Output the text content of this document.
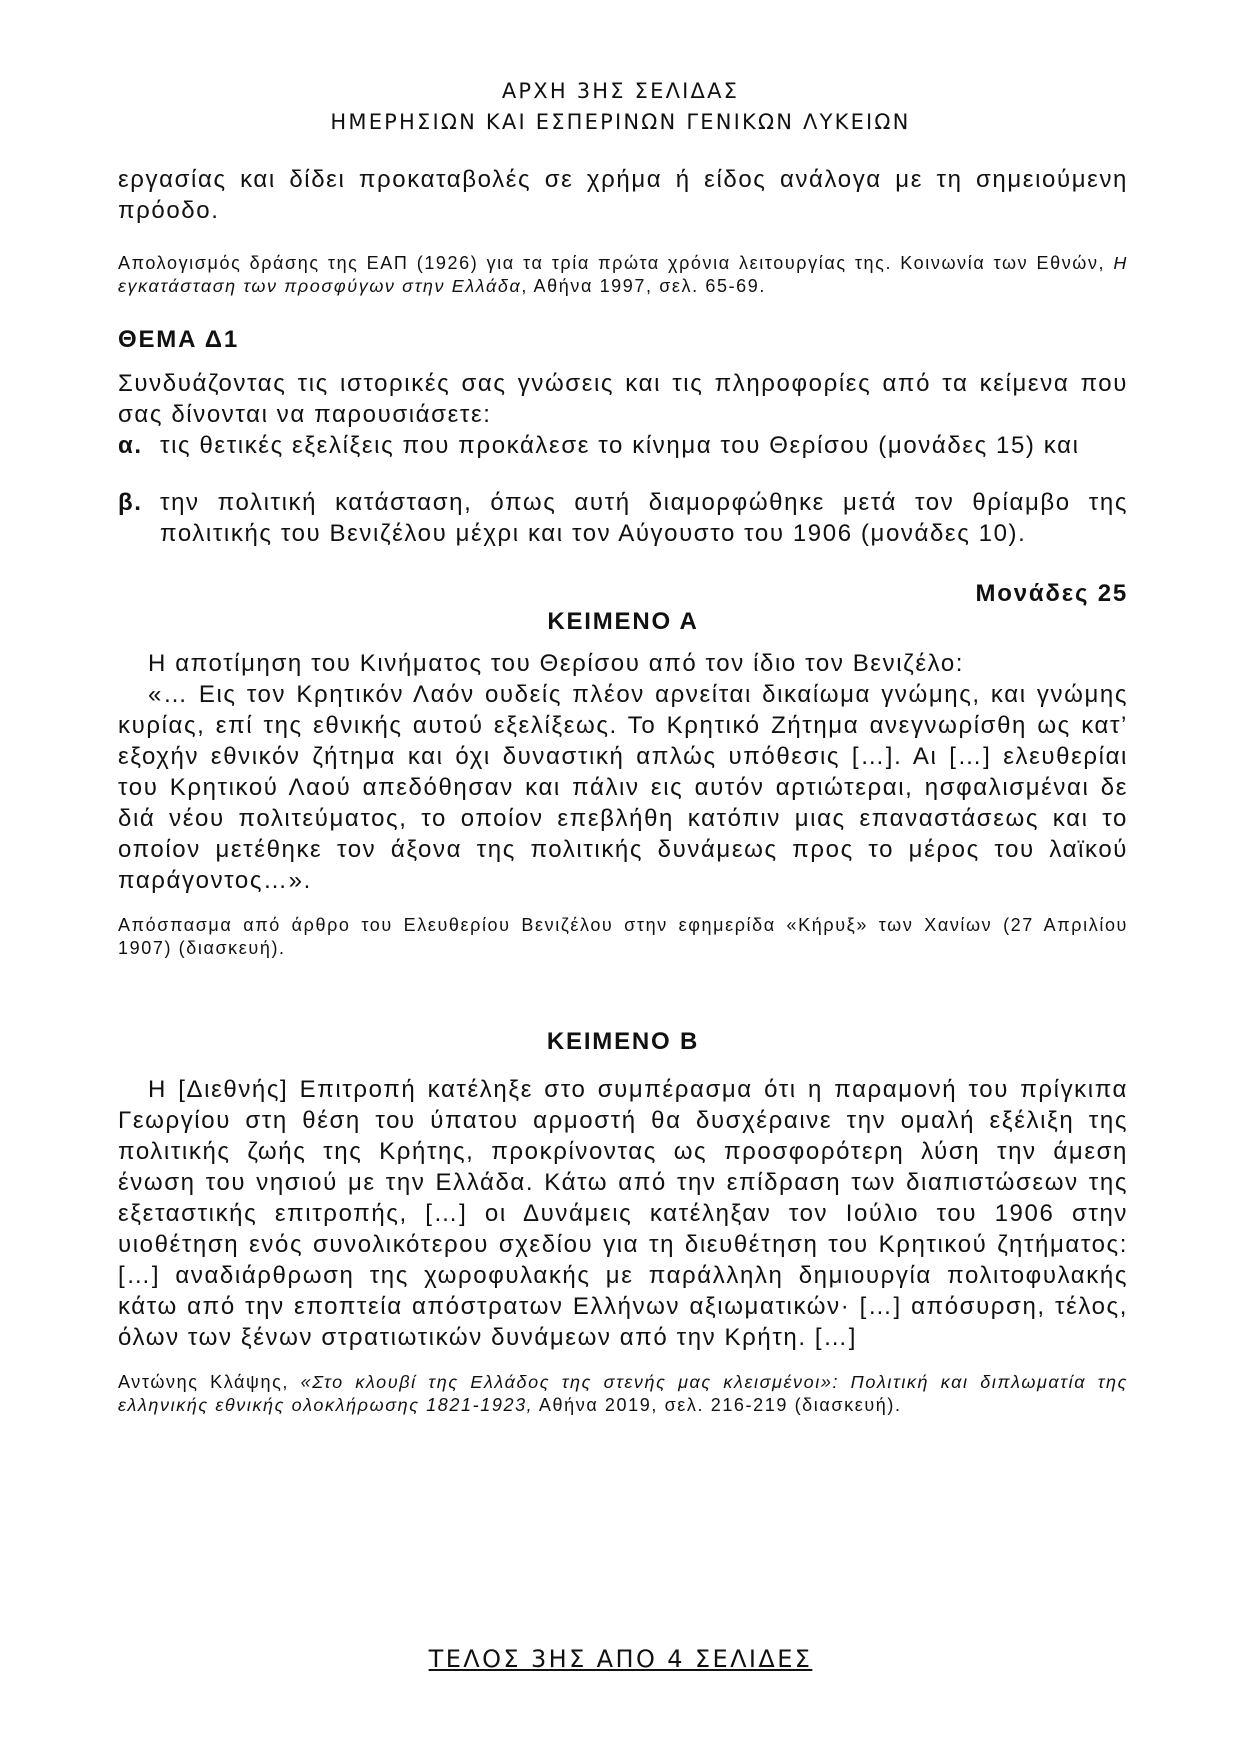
ΑΡΧΗ 3ΗΣ ΣΕΛΙΔΑΣ
ΗΜΕΡΗΣΙΩΝ ΚΑΙ ΕΣΠΕΡΙΝΩΝ ΓΕΝΙΚΩΝ ΛΥΚΕΙΩΝ

εργασίας και δίδει προκαταβολές σε χρήμα ή είδος ανάλογα με τη σημειούμενη πρόοδο.

Απολογισμός δράσης της ΕΑΠ (1926) για τα τρία πρώτα χρόνια λειτουργίας της. Κοινωνία των Εθνών, Η εγκατάσταση των προσφύγων στην Ελλάδα, Αθήνα 1997, σελ. 65-69.

ΘΕΜΑ Δ1

Συνδυάζοντας τις ιστορικές σας γνώσεις και τις πληροφορίες από τα κείμενα που σας δίνονται να παρουσιάσετε:

α. τις θετικές εξελίξεις που προκάλεσε το κίνημα του Θερίσου (μονάδες 15) και
β. την πολιτική κατάσταση, όπως αυτή διαμορφώθηκε μετά τον θρίαμβο της πολιτικής του Βενιζέλου μέχρι και τον Αύγουστο του 1906 (μονάδες 10).

Μονάδες 25

ΚΕΙΜΕΝΟ Α

Η αποτίμηση του Κινήματος του Θερίσου από τον ίδιο τον Βενιζέλο:

«… Εις τον Κρητικόν Λαόν ουδείς πλέον αρνείται δικαίωμα γνώμης, και γνώμης κυρίας, επί της εθνικής αυτού εξελίξεως. Το Κρητικό Ζήτημα ανεγνωρίσθη ως κατ’ εξοχήν εθνικόν ζήτημα και όχι δυναστική απλώς υπόθεσις […]. Αι […] ελευθερίαι του Κρητικού Λαού απεδόθησαν και πάλιν εις αυτόν αρτιώτεραι, ησφαλισμέναι δε διά νέου πολιτεύματος, το οποίον επεβλήθη κατόπιν μιας επαναστάσεως και το οποίον μετέθηκε τον άξονα της πολιτικής δυνάμεως προς το μέρος του λαϊκού παράγοντος…».

Απόσπασμα από άρθρο του Ελευθερίου Βενιζέλου στην εφημερίδα «Κήρυξ» των Χανίων (27 Απριλίου 1907) (διασκευή).

ΚΕΙΜΕΝΟ Β

Η [Διεθνής] Επιτροπή κατέληξε στο συμπέρασμα ότι η παραμονή του πρίγκιπα Γεωργίου στη θέση του ύπατου αρμοστή θα δυσχέραινε την ομαλή εξέλιξη της πολιτικής ζωής της Κρήτης, προκρίνοντας ως προσφορότερη λύση την άμεση ένωση του νησιού με την Ελλάδα. Κάτω από την επίδραση των διαπιστώσεων της εξεταστικής επιτροπής, […] οι Δυνάμεις κατέληξαν τον Ιούλιο του 1906 στην υιοθέτηση ενός συνολικότερου σχεδίου για τη διευθέτηση του Κρητικού ζητήματος: […] αναδιάρθρωση της χωροφυλακής με παράλληλη δημιουργία πολιτοφυλακής κάτω από την εποπτεία απόστρατων Ελλήνων αξιωματικών· […] απόσυρση, τέλος, όλων των ξένων στρατιωτικών δυνάμεων από την Κρήτη. […]

Αντώνης Κλάψης, «Στο κλουβί της Ελλάδος της στενής μας κλεισμένοι»: Πολιτική και διπλωματία της ελληνικής εθνικής ολοκλήρωσης 1821-1923, Αθήνα 2019, σελ. 216-219 (διασκευή).

ΤΕΛΟΣ 3ΗΣ ΑΠΟ 4 ΣΕΛΙΔΕΣ
